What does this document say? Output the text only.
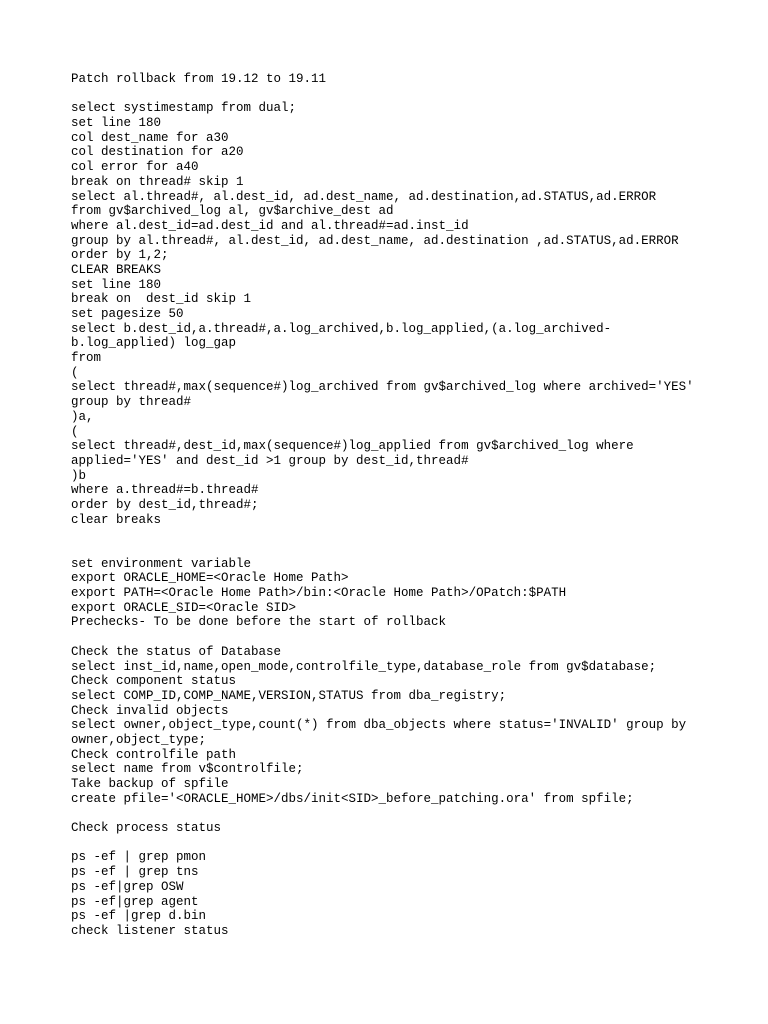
Patch rollback from 19.12 to 19.11
select systimestamp from dual;
set line 180
col dest_name for a30
col destination for a20
col error for a40
break on thread# skip 1
select al.thread#, al.dest_id, ad.dest_name, ad.destination,ad.STATUS,ad.ERROR
from gv$archived_log al, gv$archive_dest ad
where al.dest_id=ad.dest_id and al.thread#=ad.inst_id
group by al.thread#, al.dest_id, ad.dest_name, ad.destination ,ad.STATUS,ad.ERROR
order by 1,2;
CLEAR BREAKS
set line 180
break on  dest_id skip 1
set pagesize 50
select b.dest_id,a.thread#,a.log_archived,b.log_applied,(a.log_archived-
b.log_applied) log_gap
from
(
select thread#,max(sequence#)log_archived from gv$archived_log where archived='YES'
group by thread#
)a,
(
select thread#,dest_id,max(sequence#)log_applied from gv$archived_log where
applied='YES' and dest_id >1 group by dest_id,thread#
)b
where a.thread#=b.thread#
order by dest_id,thread#;
clear breaks
set environment variable
export ORACLE_HOME=<Oracle Home Path>
export PATH=<Oracle Home Path>/bin:<Oracle Home Path>/OPatch:$PATH
export ORACLE_SID=<Oracle SID>
Prechecks- To be done before the start of rollback
Check the status of Database
select inst_id,name,open_mode,controlfile_type,database_role from gv$database;
Check component status
select COMP_ID,COMP_NAME,VERSION,STATUS from dba_registry;
Check invalid objects
select owner,object_type,count(*) from dba_objects where status='INVALID' group by
owner,object_type;
Check controlfile path
select name from v$controlfile;
Take backup of spfile
create pfile='<ORACLE_HOME>/dbs/init<SID>_before_patching.ora' from spfile;
Check process status
ps -ef | grep pmon
ps -ef | grep tns
ps -ef|grep OSW
ps -ef|grep agent
ps -ef |grep d.bin
check listener status
